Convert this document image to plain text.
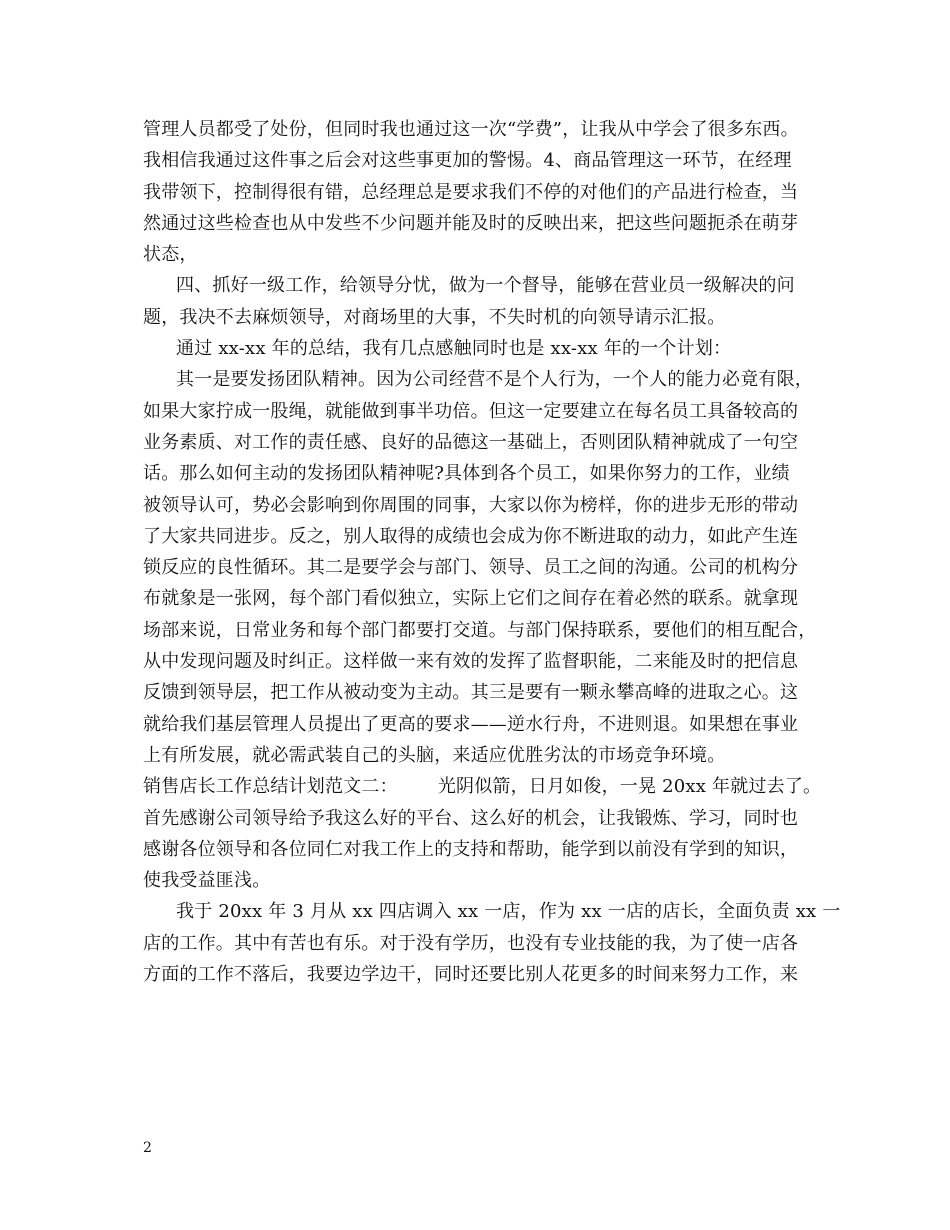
管理人员都受了处份，但同时我也通过这一次“学费”，让我从中学会了很多东西。
我相信我通过这件事之后会对这些事更加的警惕。4、商品管理这一环节，在经理
我带领下，控制得很有错，总经理总是要求我们不停的对他们的产品进行检查，当
然通过这些检查也从中发些不少问题并能及时的反映出来，把这些问题扼杀在萌芽
状态，
四、抓好一级工作，给领导分忧，做为一个督导，能够在营业员一级解决的问
题，我决不去麻烦领导，对商场里的大事，不失时机的向领导请示汇报。
通过 xx-xx 年的总结，我有几点感触同时也是 xx-xx 年的一个计划：
其一是要发扬团队精神。因为公司经营不是个人行为，一个人的能力必竟有限，
如果大家拧成一股绳，就能做到事半功倍。但这一定要建立在每名员工具备较高的
业务素质、对工作的责任感、良好的品德这一基础上，否则团队精神就成了一句空
话。那么如何主动的发扬团队精神呢?具体到各个员工，如果你努力的工作，业绩
被领导认可，势必会影响到你周围的同事，大家以你为榜样，你的进步无形的带动
了大家共同进步。反之，别人取得的成绩也会成为你不断进取的动力，如此产生连
锁反应的良性循环。其二是要学会与部门、领导、员工之间的沟通。公司的机构分
布就象是一张网，每个部门看似独立，实际上它们之间存在着必然的联系。就拿现
场部来说，日常业务和每个部门都要打交道。与部门保持联系，要他们的相互配合，
从中发现问题及时纠正。这样做一来有效的发挥了监督职能，二来能及时的把信息
反馈到领导层，把工作从被动变为主动。其三是要有一颗永攀高峰的进取之心。这
就给我们基层管理人员提出了更高的要求——逆水行舟，不进则退。如果想在事业
上有所发展，就必需武装自己的头脑，来适应优胜劣汰的市场竞争环境。
销售店长工作总结计划范文二： 光阴似箭，日月如俊，一晃 20xx 年就过去了。
首先感谢公司领导给予我这么好的平台、这么好的机会，让我锻炼、学习，同时也
感谢各位领导和各位同仁对我工作上的支持和帮助，能学到以前没有学到的知识，
使我受益匪浅。
我于 20xx 年 3 月从 xx 四店调入 xx 一店，作为 xx 一店的店长，全面负责 xx 一
店的工作。其中有苦也有乐。对于没有学历，也没有专业技能的我，为了使一店各
方面的工作不落后，我要边学边干，同时还要比别人花更多的时间来努力工作，来
2
